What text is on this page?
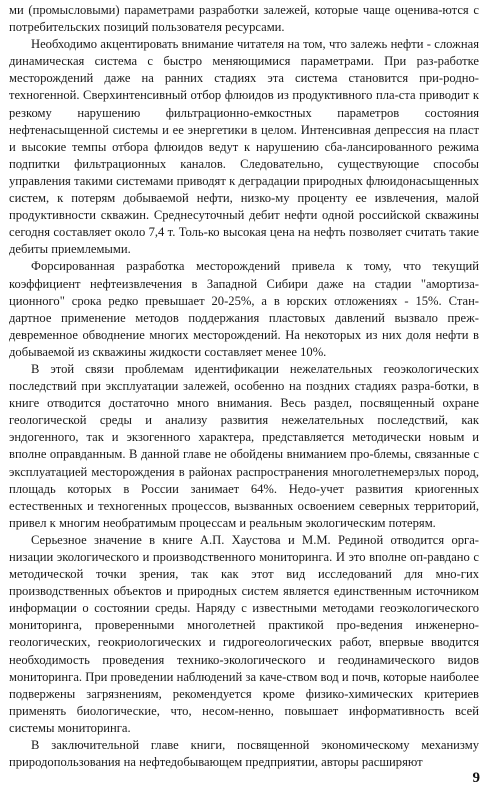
ми (промысловыми) параметрами разработки залежей, которые чаще оценива-ются с потребительских позиций пользователя ресурсами.

Необходимо акцентировать внимание читателя на том, что залежь нефти - сложная динамическая система с быстро меняющимися параметрами. При раз-работке месторождений даже на ранних стадиях эта система становится при-родно-техногенной. Сверхинтенсивный отбор флюидов из продуктивного пла-ста приводит к резкому нарушению фильтрационно-емкостных параметров состояния нефтенасыщенной системы и ее энергетики в целом. Интенсивная депрессия на пласт и высокие темпы отбора флюидов ведут к нарушению сба-лансированного режима подпитки фильтрационных каналов. Следовательно, существующие способы управления такими системами приводят к деградации природных флюидонасыщенных систем, к потерям добываемой нефти, низко-му проценту ее извлечения, малой продуктивности скважин. Среднесуточный дебит нефти одной российской скважины сегодня составляет около 7,4 т. Толь-ко высокая цена на нефть позволяет считать такие дебиты приемлемыми.

Форсированная разработка месторождений привела к тому, что текущий коэффициент нефтеизвлечения в Западной Сибири даже на стадии "амортиза-ционного" срока редко превышает 20-25%, а в юрских отложениях - 15%. Стан-дартное применение методов поддержания пластовых давлений вызвало преж-девременное обводнение многих месторождений. На некоторых из них доля нефти в добываемой из скважины жидкости составляет менее 10%.

В этой связи проблемам идентификации нежелательных геоэкологических последствий при эксплуатации залежей, особенно на поздних стадиях разра-ботки, в книге отводится достаточно много внимания. Весь раздел, посвященный охране геологической среды и анализу развития нежелательных последствий, как эндогенного, так и экзогенного характера, представляется методически новым и вполне оправданным. В данной главе не обойдены вниманием про-блемы, связанные с эксплуатацией месторождения в районах распространения многолетнемерзлых пород, площадь которых в России занимает 64%. Недо-учет развития криогенных естественных и техногенных процессов, вызванных освоением северных территорий, привел к многим необратимым процессам и реальным экологическим потерям.

Серьезное значение в книге А.П. Хаустова и М.М. Рединой отводится орга-низации экологического и производственного мониторинга. И это вполне оп-равдано с методической точки зрения, так как этот вид исследований для мно-гих производственных объектов и природных систем является единственным источником информации о состоянии среды. Наряду с известными методами геоэкологического мониторинга, проверенными многолетней практикой про-ведения инженерно-геологических, геокриологических и гидрогеологических работ, впервые вводится необходимость проведения технико-экологического и геодинамического видов мониторинга. При проведении наблюдений за каче-ством вод и почв, которые наиболее подвержены загрязнениям, рекомендуется кроме физико-химических критериев применять биологические, что, несом-ненно, повышает информативность всей системы мониторинга.

В заключительной главе книги, посвященной экономическому механизму природопользования на нефтедобывающем предприятии, авторы расширяют

9
